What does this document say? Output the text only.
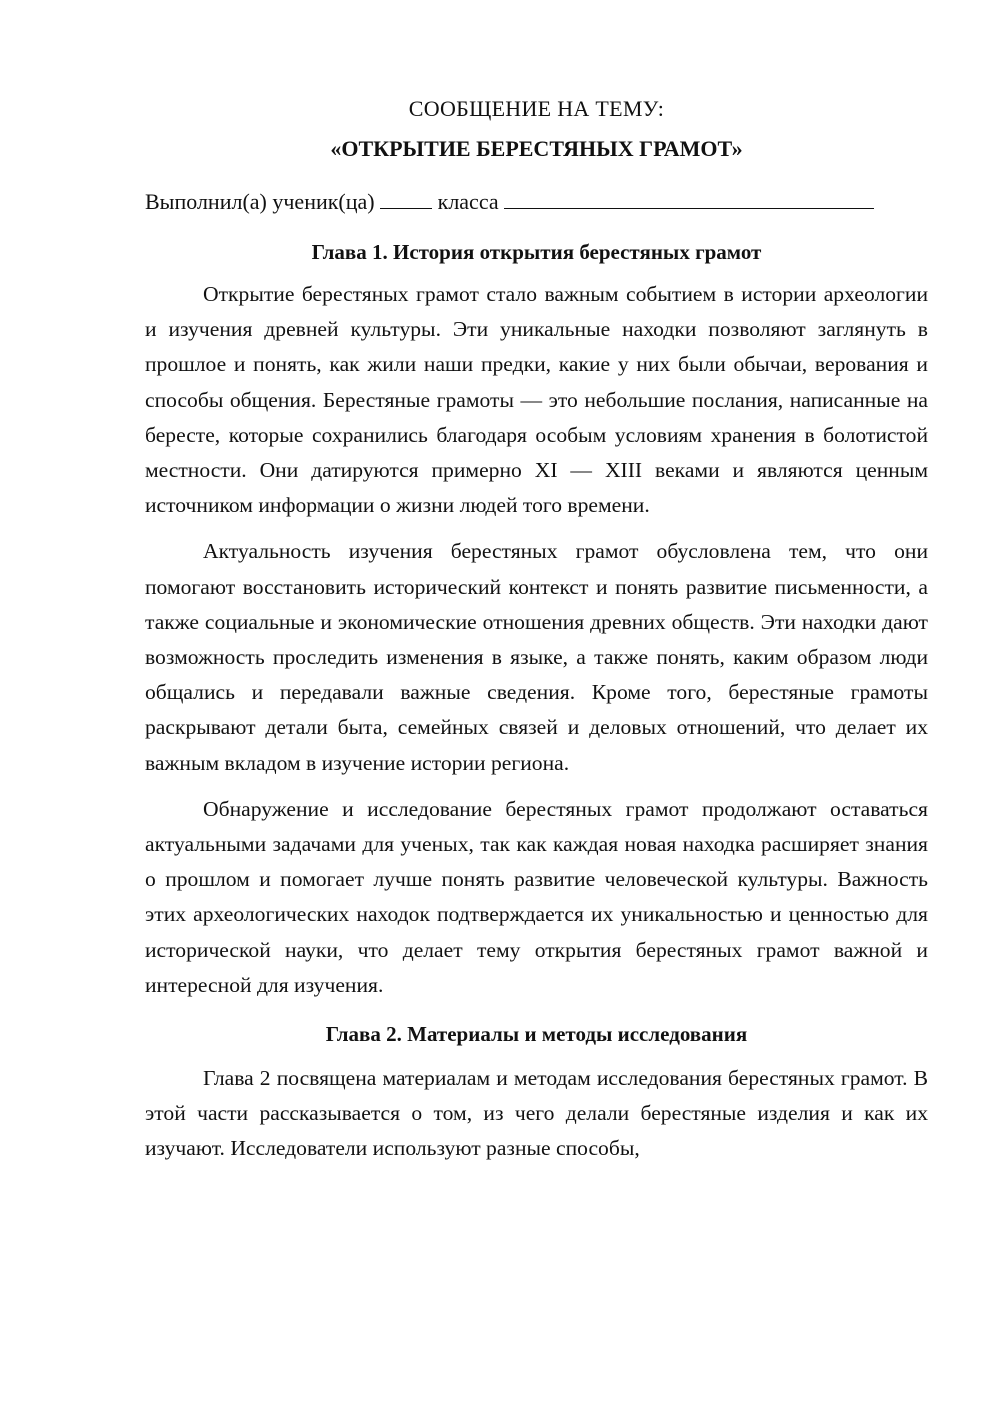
СООБЩЕНИЕ НА ТЕМУ:

«ОТКРЫТИЕ БЕРЕСТЯНЫХ ГРАМОТ»

Выполнил(а) ученик(ца)	класса
Глава 1. История открытия берестяных грамот

Открытие берестяных грамот стало важным событием в истории археологии и изучения древней культуры. Эти уникальные находки позволяют заглянуть в прошлое и понять, как жили наши предки, какие у них были обычаи, верования и способы общения. Берестяные грамоты — это небольшие послания, написанные на бересте, которые сохранились благодаря особым условиям хранения в болотистой местности. Они датируются примерно XI — XIII веками и являются ценным источником информации о жизни людей того времени.

Актуальность изучения берестяных грамот обусловлена тем, что они помогают восстановить исторический контекст и понять развитие письменности, а также социальные и экономические отношения древних обществ. Эти находки дают возможность проследить изменения в языке, а также понять, каким образом люди общались и передавали важные сведения. Кроме того, берестяные грамоты раскрывают детали быта, семейных связей и деловых отношений, что делает их важным вкладом в изучение истории региона.

Обнаружение и исследование берестяных грамот продолжают оставаться актуальными задачами для ученых, так как каждая новая находка расширяет знания о прошлом и помогает лучше понять развитие человеческой культуры. Важность этих археологических находок подтверждается их уникальностью и ценностью для исторической науки, что делает тему открытия берестяных грамот важной и интересной для изучения.

Глава 2. Материалы и методы исследования

Глава 2 посвящена материалам и методам исследования берестяных грамот. В этой части рассказывается о том, из чего делали берестяные изделия и как их изучают. Исследователи используют разные способы,
